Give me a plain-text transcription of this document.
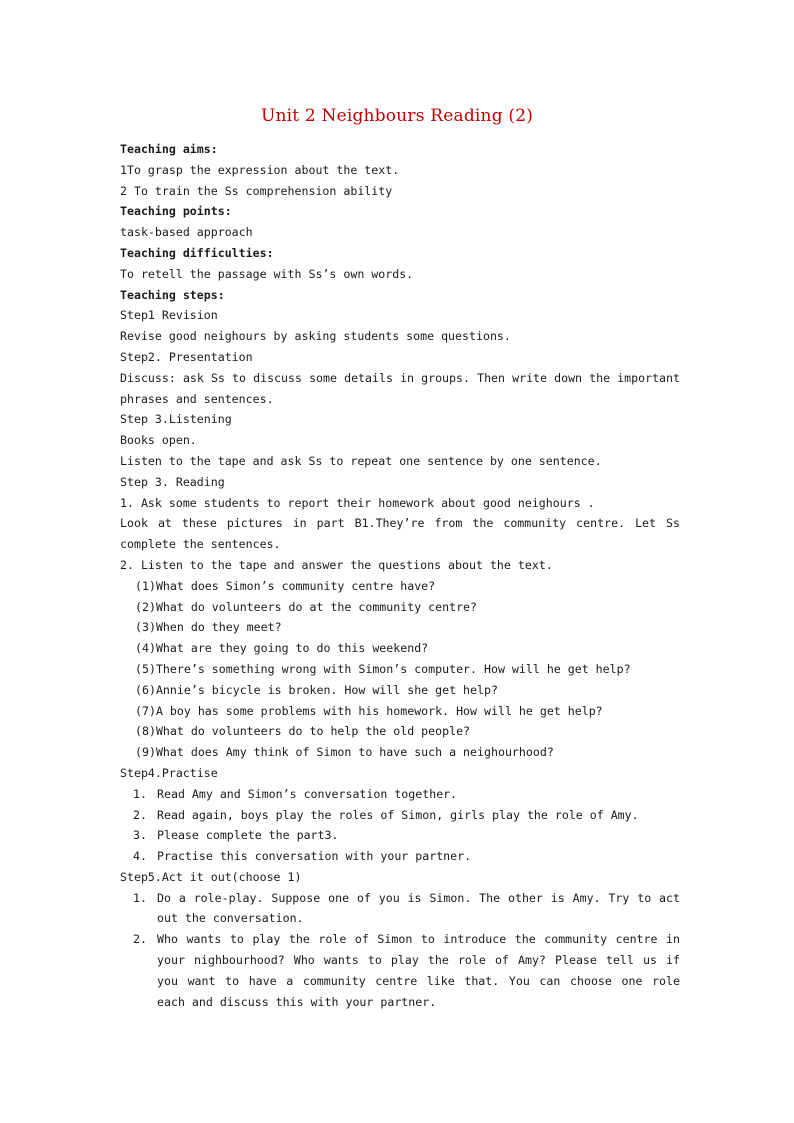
Unit 2 Neighbours Reading (2)
Teaching aims:
1To grasp the expression about the text.
2 To train the Ss comprehension ability
Teaching points:
task-based approach
Teaching difficulties:
To retell the passage with Ss’s own words.
Teaching steps:
Step1 Revision
Revise good neighours by asking students some questions.
Step2. Presentation
Discuss: ask Ss to discuss some details in groups. Then write down the important phrases and sentences.
Step 3.Listening
Books open.
Listen to the tape and ask Ss to repeat one sentence by one sentence.
Step 3. Reading
1. Ask some students to report their homework about good neighours .
Look at these pictures in part B1.They’re from the community centre. Let Ss complete the sentences.
2. Listen to the tape and answer the questions about the text.
(1)What does Simon’s community centre have?
(2)What do volunteers do at the community centre?
(3)When do they meet?
(4)What are they going to do this weekend?
(5)There’s something wrong with Simon’s computer. How will he get help?
(6)Annie’s bicycle is broken. How will she get help?
(7)A boy has some problems with his homework. How will he get help?
(8)What do volunteers do to help the old people?
(9)What does Amy think of Simon to have such a neighourhood?
Step4.Practise
1. Read Amy and Simon’s conversation together.
2. Read again, boys play the roles of Simon, girls play the role of Amy.
3. Please complete the part3.
4. Practise this conversation with your partner.
Step5.Act it out(choose 1)
1. Do a role-play. Suppose one of you is Simon. The other is Amy. Try to act out the conversation.
2. Who wants to play the role of Simon to introduce the community centre in your nighbourhood? Who wants to play the role of Amy? Please tell us if you want to have a community centre like that. You can choose one role each and discuss this with your partner.
